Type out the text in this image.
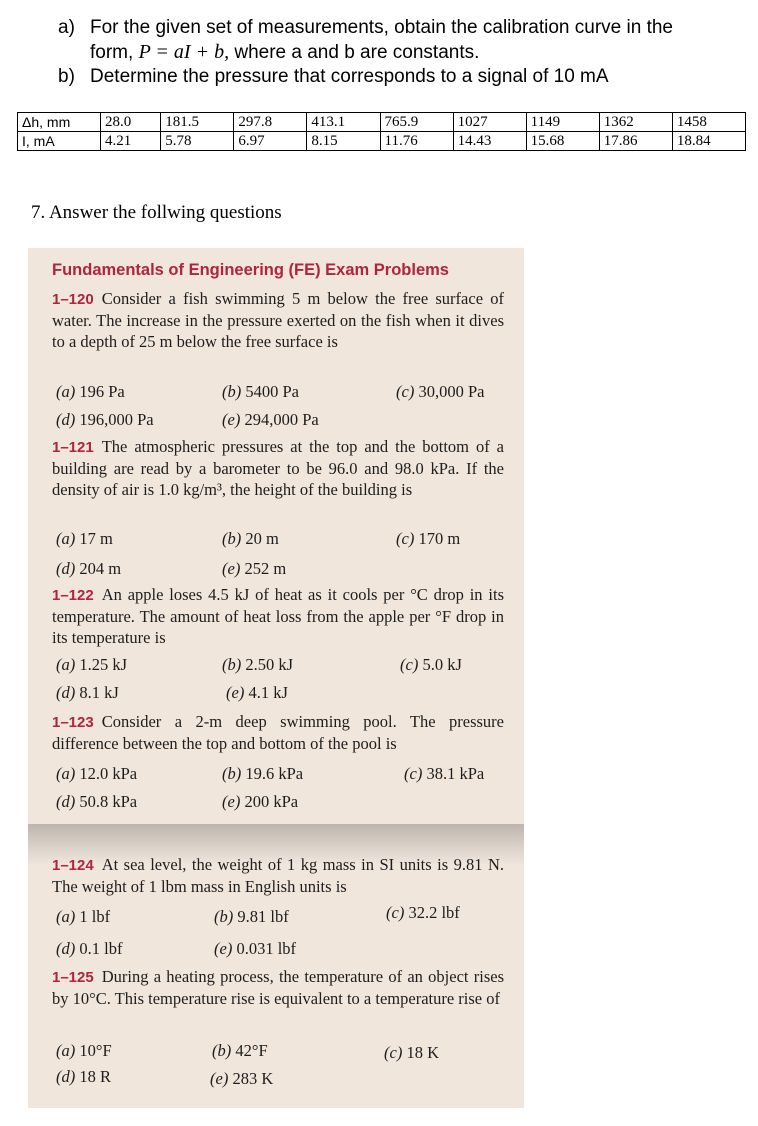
a) For the given set of measurements, obtain the calibration curve in the
form, P = aI + b, where a and b are constants.
b) Determine the pressure that corresponds to a signal of 10 mA
Δh, mm	28.0	181.5	297.8	413.1	765.9	1027	1149	1362	1458
I, mA	4.21	5.78	6.97	8.15	11.76	14.43	15.68	17.86	18.84
7. Answer the follwing questions
Fundamentals of Engineering (FE) Exam Problems
1–120 Consider a fish swimming 5 m below the free surface of water. The increase in the pressure exerted on the fish when it dives to a depth of 25 m below the free surface is
(a) 196 Pa	(b) 5400 Pa	(c) 30,000 Pa
(d) 196,000 Pa	(e) 294,000 Pa
1–121 The atmospheric pressures at the top and the bottom of a building are read by a barometer to be 96.0 and 98.0 kPa. If the density of air is 1.0 kg/m³, the height of the building is
(a) 17 m	(b) 20 m	(c) 170 m
(d) 204 m	(e) 252 m
1–122 An apple loses 4.5 kJ of heat as it cools per °C drop in its temperature. The amount of heat loss from the apple per °F drop in its temperature is
(a) 1.25 kJ	(b) 2.50 kJ	(c) 5.0 kJ
(d) 8.1 kJ	(e) 4.1 kJ
1–123 Consider a 2-m deep swimming pool. The pressure difference between the top and bottom of the pool is
(a) 12.0 kPa	(b) 19.6 kPa	(c) 38.1 kPa
(d) 50.8 kPa	(e) 200 kPa
1–124 At sea level, the weight of 1 kg mass in SI units is 9.81 N. The weight of 1 lbm mass in English units is
(a) 1 lbf	(b) 9.81 lbf	(c) 32.2 lbf
(d) 0.1 lbf	(e) 0.031 lbf
1–125 During a heating process, the temperature of an object rises by 10°C. This temperature rise is equivalent to a temperature rise of
(a) 10°F	(b) 42°F	(c) 18 K
(d) 18 R	(e) 283 K
